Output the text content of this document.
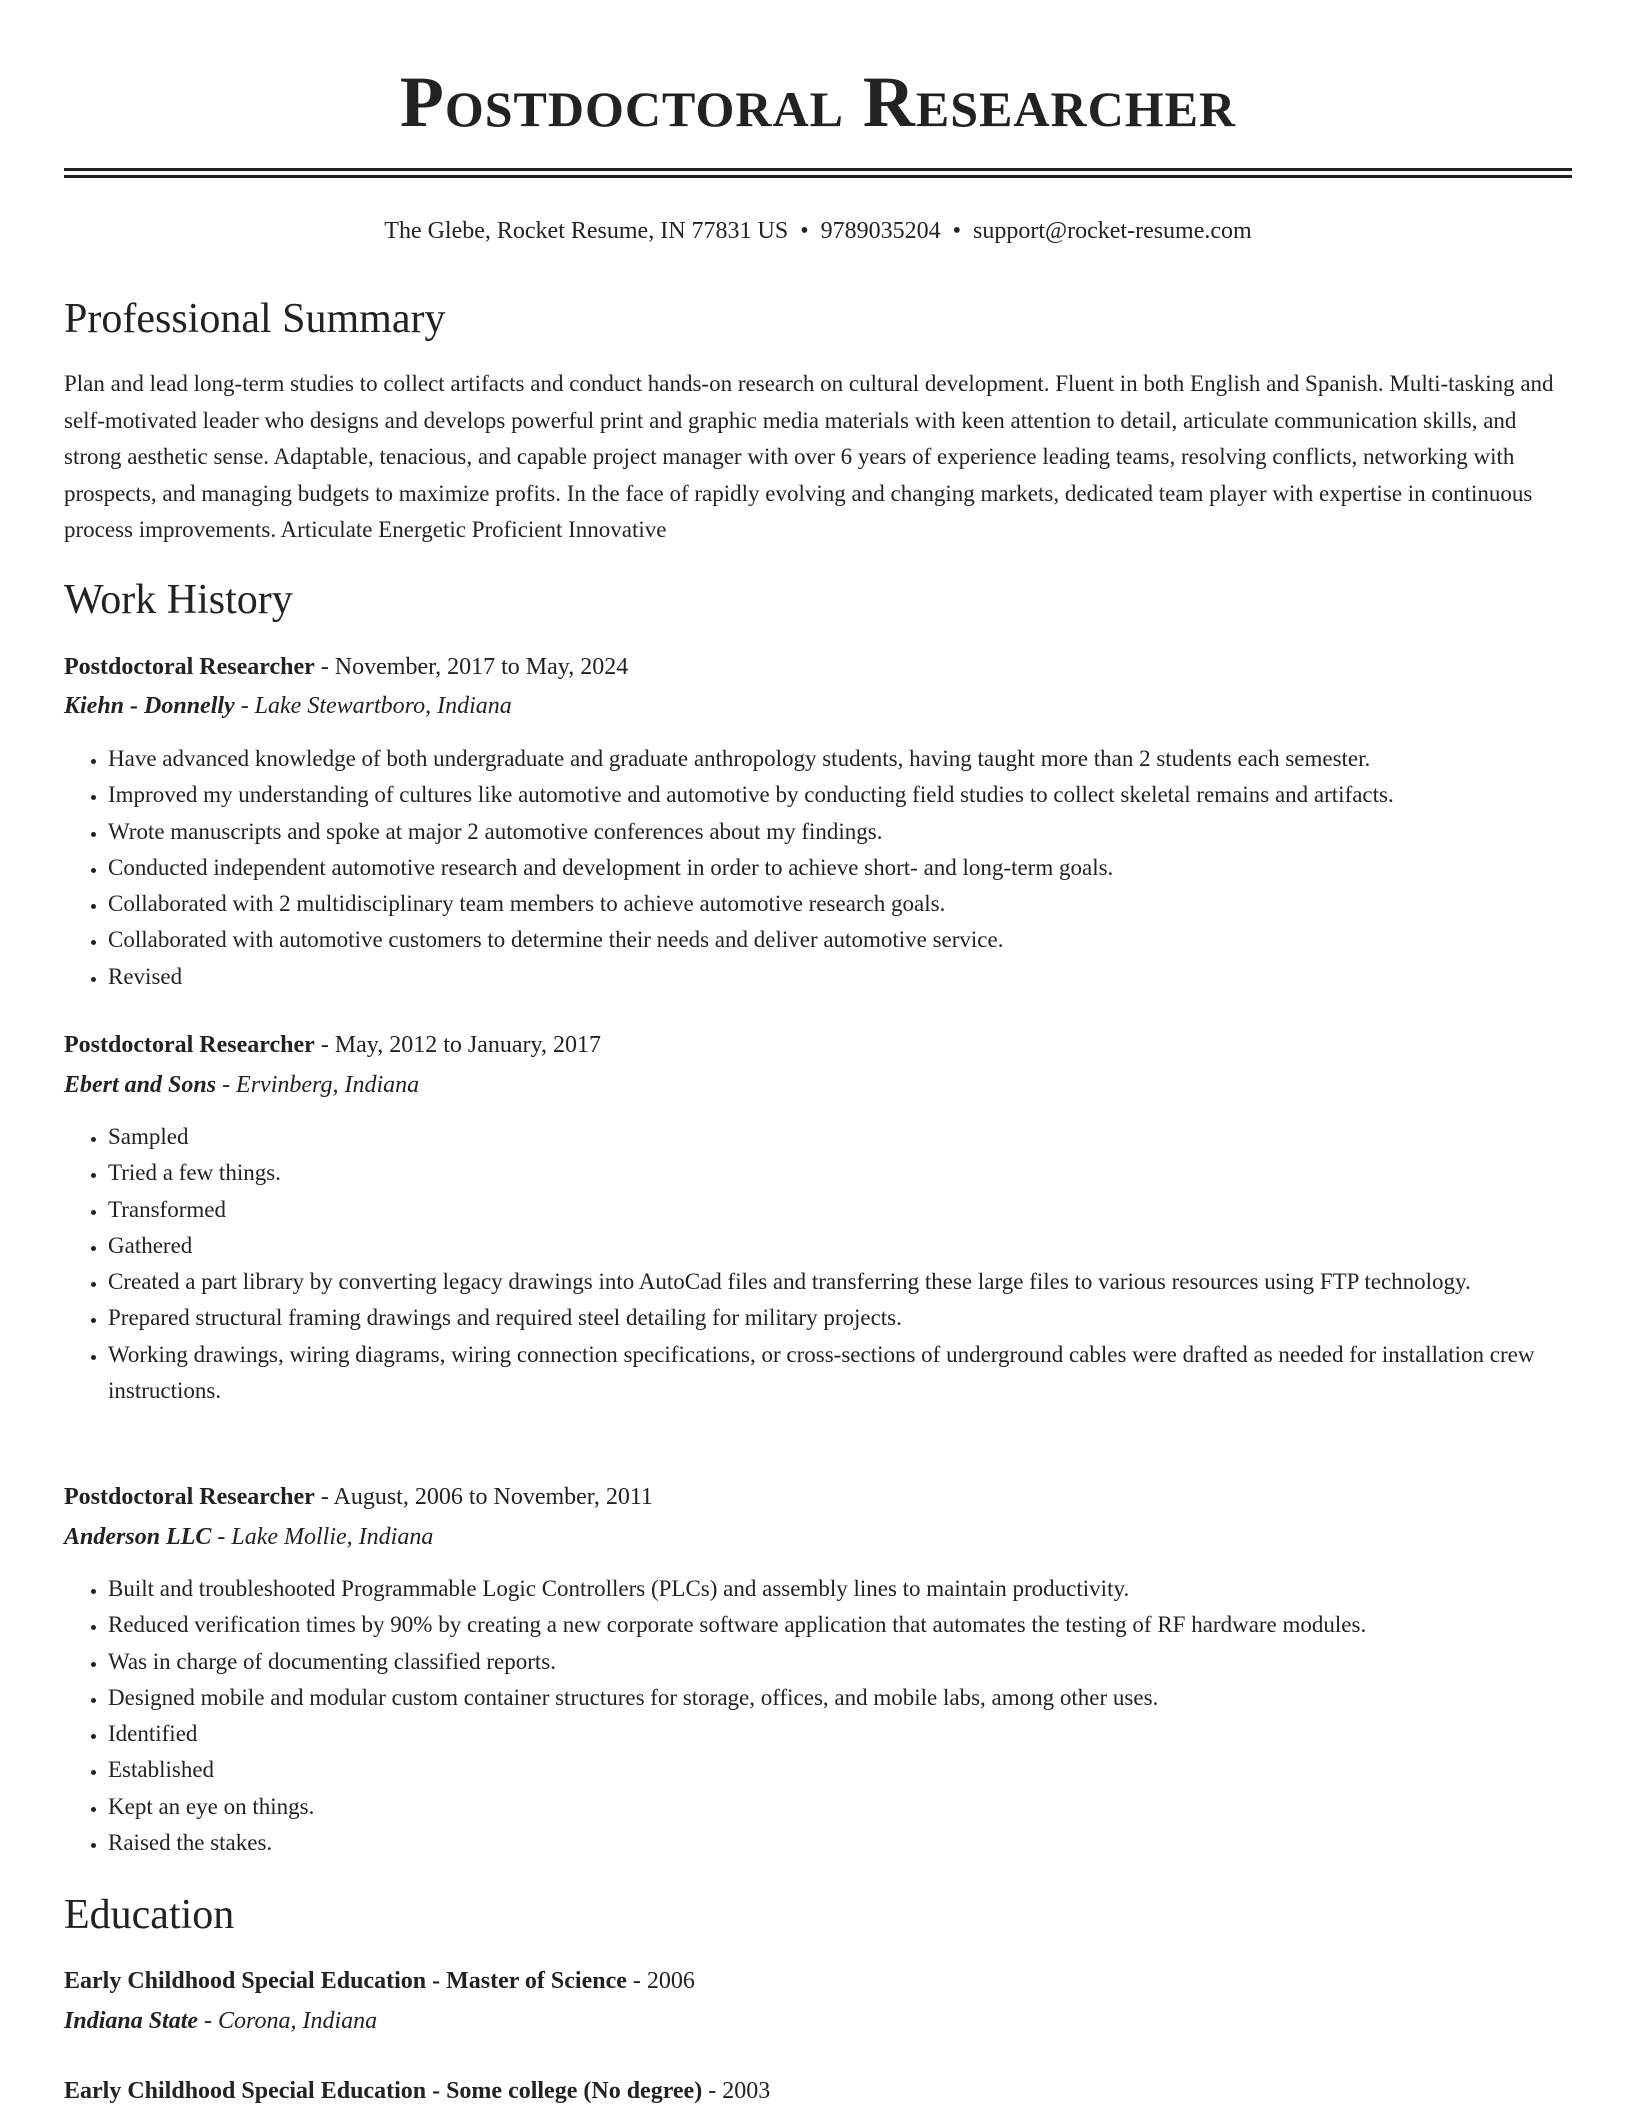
Postdoctoral Researcher
The Glebe, Rocket Resume, IN 77831 US • 9789035204 • support@rocket-resume.com
Professional Summary

Plan and lead long-term studies to collect artifacts and conduct hands-on research on cultural development. Fluent in both English and Spanish. Multi-tasking and self-motivated leader who designs and develops powerful print and graphic media materials with keen attention to detail, articulate communication skills, and strong aesthetic sense. Adaptable, tenacious, and capable project manager with over 6 years of experience leading teams, resolving conflicts, networking with prospects, and managing budgets to maximize profits. In the face of rapidly evolving and changing markets, dedicated team player with expertise in continuous process improvements. Articulate Energetic Proficient Innovative

Work History
Postdoctoral Researcher - November, 2017 to May, 2024
Kiehn - Donnelly - Lake Stewartboro, Indiana
• Have advanced knowledge of both undergraduate and graduate anthropology students, having taught more than 2 students each semester.
• Improved my understanding of cultures like automotive and automotive by conducting field studies to collect skeletal remains and artifacts.
• Wrote manuscripts and spoke at major 2 automotive conferences about my findings.
• Conducted independent automotive research and development in order to achieve short- and long-term goals.
• Collaborated with 2 multidisciplinary team members to achieve automotive research goals.
• Collaborated with automotive customers to determine their needs and deliver automotive service.
• Revised
Postdoctoral Researcher - May, 2012 to January, 2017
Ebert and Sons - Ervinberg, Indiana
• Sampled
• Tried a few things.
• Transformed
• Gathered
• Created a part library by converting legacy drawings into AutoCad files and transferring these large files to various resources using FTP technology.
• Prepared structural framing drawings and required steel detailing for military projects.
• Working drawings, wiring diagrams, wiring connection specifications, or cross-sections of underground cables were drafted as needed for installation crew instructions.
Postdoctoral Researcher - August, 2006 to November, 2011
Anderson LLC - Lake Mollie, Indiana
• Built and troubleshooted Programmable Logic Controllers (PLCs) and assembly lines to maintain productivity.
• Reduced verification times by 90% by creating a new corporate software application that automates the testing of RF hardware modules.
• Was in charge of documenting classified reports.
• Designed mobile and modular custom container structures for storage, offices, and mobile labs, among other uses.
• Identified
• Established
• Kept an eye on things.
• Raised the stakes.
Education
Early Childhood Special Education - Master of Science - 2006
Indiana State - Corona, Indiana
Early Childhood Special Education - Some college (No degree) - 2003
